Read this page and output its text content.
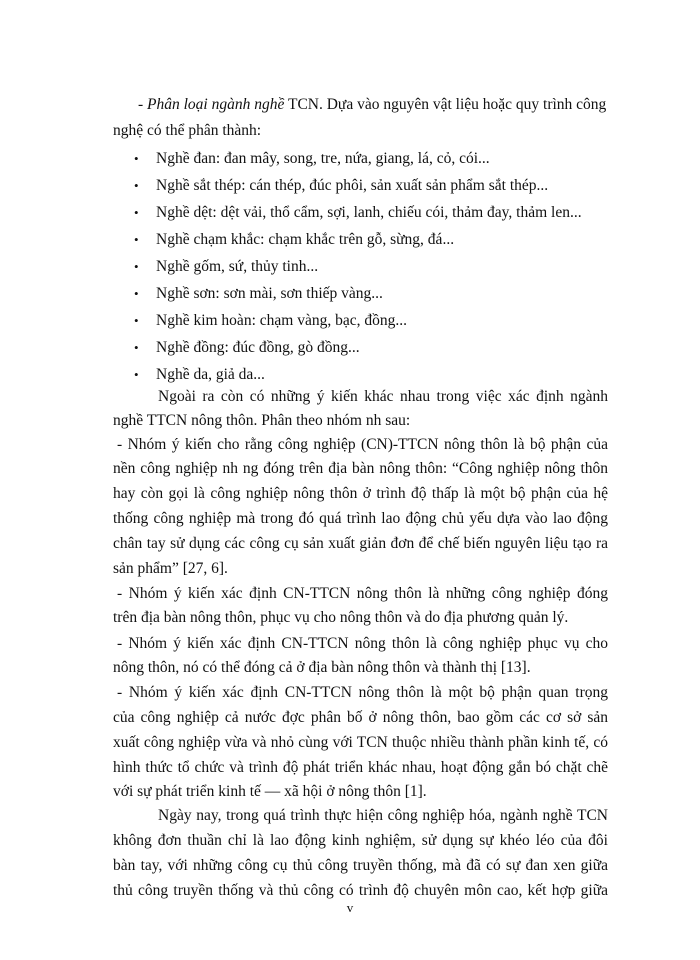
- Phân loại ngành nghề TCN. Dựa vào nguyên vật liệu hoặc quy trình công
nghệ có thể phân thành:
• Nghề đan: đan mây, song, tre, nứa, giang, lá, cỏ, cói...
• Nghề sắt thép: cán thép, đúc phôi, sản xuất sản phẩm sắt thép...
• Nghề dệt: dệt vải, thổ cẩm, sợi, lanh, chiếu cói, thảm đay, thảm len...
• Nghề chạm khắc: chạm khắc trên gỗ, sừng, đá...
• Nghề gốm, sứ, thủy tinh...
• Nghề sơn: sơn mài, sơn thiếp vàng...
• Nghề kim hoàn: chạm vàng, bạc, đồng...
• Nghề đồng: đúc đồng, gò đồng...
• Nghề da, giả da...
Ngoài ra còn có những ý kiến khác nhau trong việc xác định ngành
nghề TTCN nông thôn. Phân theo nhóm nh sau:
- Nhóm ý kiến cho rằng công nghiệp (CN)-TTCN nông thôn là bộ phận của
nền công nghiệp nh ng đóng trên địa bàn nông thôn: “Công nghiệp nông thôn
hay còn gọi là công nghiệp nông thôn ở trình độ thấp là một bộ phận của hệ
thống công nghiệp mà trong đó quá trình lao động chủ yếu dựa vào lao động
chân tay sử dụng các công cụ sản xuất giản đơn để chế biến nguyên liệu tạo ra
sản phẩm” [27, 6].
- Nhóm ý kiến xác định CN-TTCN nông thôn là những công nghiệp đóng
trên địa bàn nông thôn, phục vụ cho nông thôn và do địa phương quản lý.
- Nhóm ý kiến xác định CN-TTCN nông thôn là công nghiệp phục vụ cho
nông thôn, nó có thể đóng cả ở địa bàn nông thôn và thành thị [13].
- Nhóm ý kiến xác định CN-TTCN nông thôn là một bộ phận quan trọng
của công nghiệp cả nước đợc phân bố ở nông thôn, bao gồm các cơ sở sản
xuất công nghiệp vừa và nhỏ cùng với TCN thuộc nhiều thành phần kinh tế, có
hình thức tổ chức và trình độ phát triển khác nhau, hoạt động gắn bó chặt chẽ
với sự phát triển kinh tế — xã hội ở nông thôn [1].
Ngày nay, trong quá trình thực hiện công nghiệp hóa, ngành nghề TCN
không đơn thuần chỉ là lao động kinh nghiệm, sử dụng sự khéo léo của đôi
bàn tay, với những công cụ thủ công truyền thống, mà đã có sự đan xen giữa
thủ công truyền thống và thủ công có trình độ chuyên môn cao, kết hợp giữa
v
